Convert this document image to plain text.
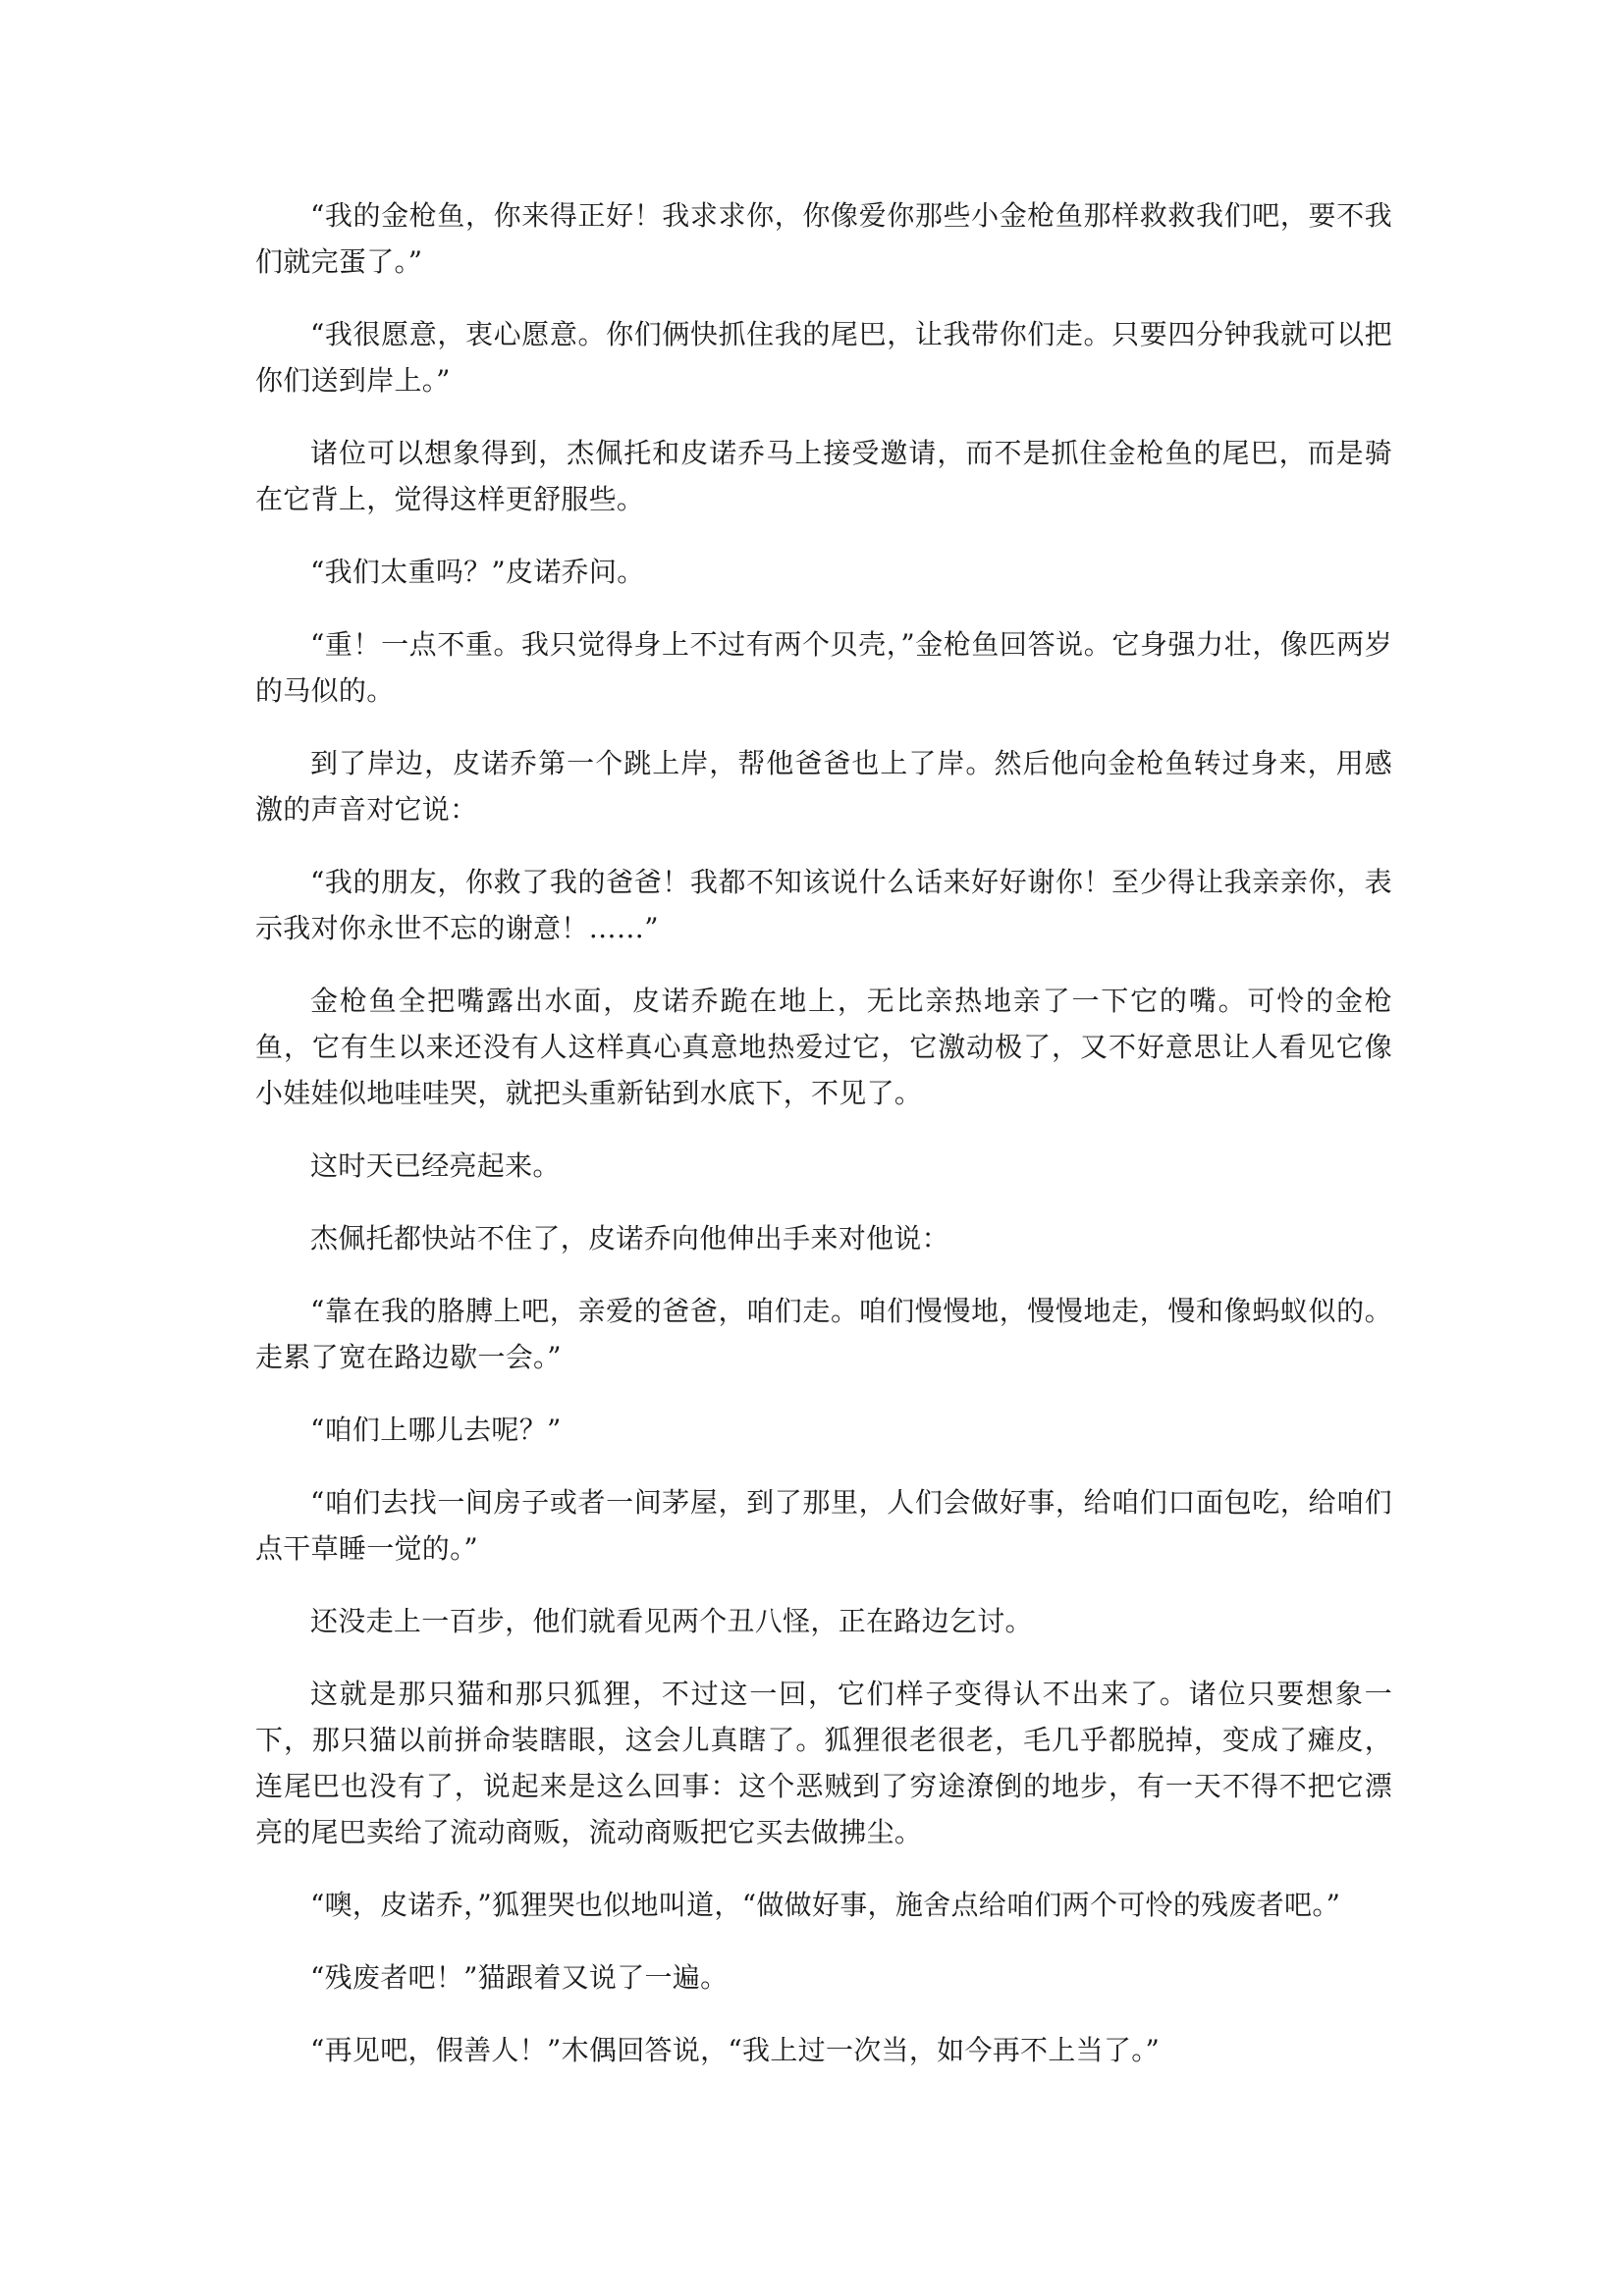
“我的金枪鱼，你来得正好！我求求你，你像爱你那些小金枪鱼那样救救我们吧，要不我们就完蛋了。”

“我很愿意，衷心愿意。你们俩快抓住我的尾巴，让我带你们走。只要四分钟我就可以把你们送到岸上。”

诸位可以想象得到，杰佩托和皮诺乔马上接受邀请，而不是抓住金枪鱼的尾巴，而是骑在它背上，觉得这样更舒服些。

“我们太重吗？”皮诺乔问。

“重！一点不重。我只觉得身上不过有两个贝壳，”金枪鱼回答说。它身强力壮，像匹两岁的马似的。

到了岸边，皮诺乔第一个跳上岸，帮他爸爸也上了岸。然后他向金枪鱼转过身来，用感激的声音对它说：

“我的朋友，你救了我的爸爸！我都不知该说什么话来好好谢你！至少得让我亲亲你，表示我对你永世不忘的谢意！……”

金枪鱼全把嘴露出水面，皮诺乔跪在地上，无比亲热地亲了一下它的嘴。可怜的金枪鱼，它有生以来还没有人这样真心真意地热爱过它，它激动极了，又不好意思让人看见它像小娃娃似地哇哇哭，就把头重新钻到水底下，不见了。

这时天已经亮起来。

杰佩托都快站不住了，皮诺乔向他伸出手来对他说：

“靠在我的胳膊上吧，亲爱的爸爸，咱们走。咱们慢慢地，慢慢地走，慢和像蚂蚁似的。走累了宽在路边歇一会。”

“咱们上哪儿去呢？”

“咱们去找一间房子或者一间茅屋，到了那里，人们会做好事，给咱们口面包吃，给咱们点干草睡一觉的。”

还没走上一百步，他们就看见两个丑八怪，正在路边乞讨。

这就是那只猫和那只狐狸，不过这一回，它们样子变得认不出来了。诸位只要想象一下，那只猫以前拼命装瞎眼，这会儿真瞎了。狐狸很老很老，毛几乎都脱掉，变成了瘫皮，连尾巴也没有了，说起来是这么回事：这个恶贼到了穷途潦倒的地步，有一天不得不把它漂亮的尾巴卖给了流动商贩，流动商贩把它买去做拂尘。

“噢，皮诺乔，”狐狸哭也似地叫道，“做做好事，施舍点给咱们两个可怜的残废者吧。”

“残废者吧！”猫跟着又说了一遍。

“再见吧，假善人！”木偶回答说，“我上过一次当，如今再不上当了。”
